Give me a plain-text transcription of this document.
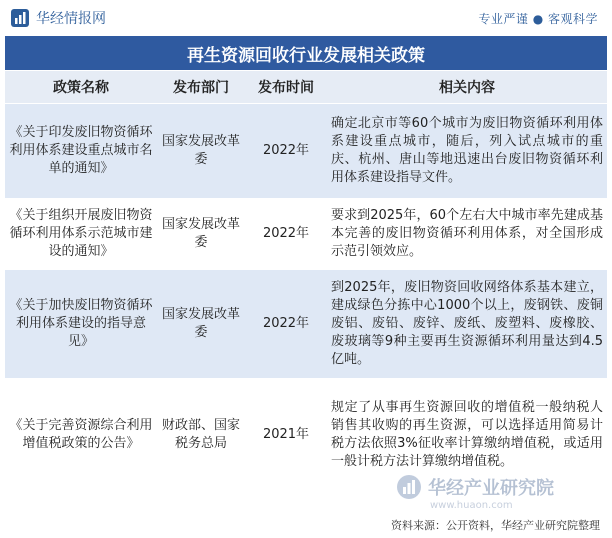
华经情报网	专业严谨 ● 客观科学
再生资源回收行业发展相关政策
政策名称	发布部门	发布时间	相关内容
《关于印发废旧物资循环利用体系建设重点城市名单的通知》	国家发展改革委	2022年	确定北京市等60个城市为废旧物资循环利用体系建设重点城市，随后，列入试点城市的重庆、杭州、唐山等地迅速出台废旧物资循环利用体系建设指导文件。
《关于组织开展废旧物资循环利用体系示范城市建设的通知》	国家发展改革委	2022年	要求到2025年，60个左右大中城市率先建成基本完善的废旧物资循环利用体系，对全国形成示范引领效应。
《关于加快废旧物资循环利用体系建设的指导意见》	国家发展改革委	2022年	到2025年，废旧物资回收网络体系基本建立，建成绿色分拣中心1000个以上，废钢铁、废铜废铝、废铅、废锌、废纸、废塑料、废橡胶、废玻璃等9种主要再生资源循环利用量达到4.5亿吨。
《关于完善资源综合利用增值税政策的公告》	财政部、国家税务总局	2021年	规定了从事再生资源回收的增值税一般纳税人销售其收购的再生资源，可以选择适用简易计税方法依照3%征收率计算缴纳增值税，或适用一般计税方法计算缴纳增值税。
华经产业研究院
www.huaon.com
资料来源：公开资料，华经产业研究院整理
